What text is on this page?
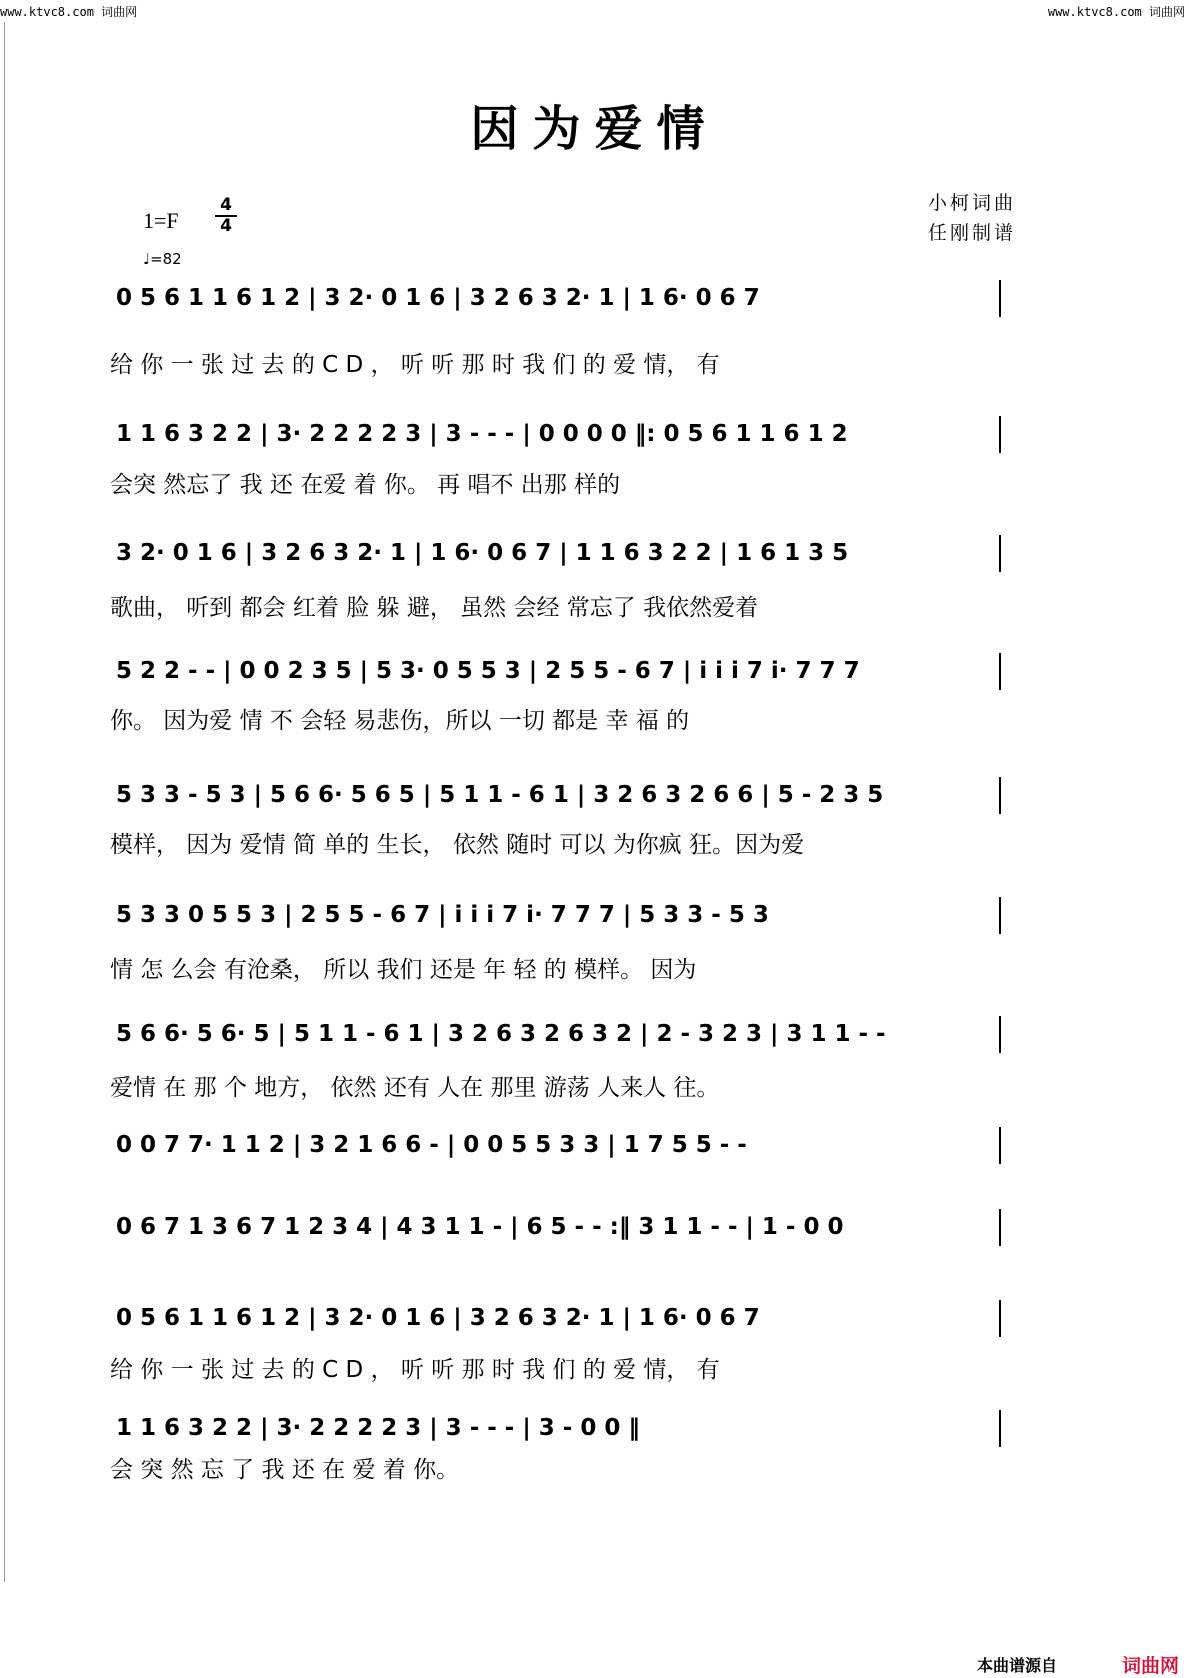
www.ktvc8.com 词曲网	www.ktvc8.com 词曲网
因为爱情
1=F
4
4
♩=82
小柯词曲
任刚制谱
0 5 6 1 1 6 1 2 | 3 2· 0 1 6 | 3 2 6 3 2· 1 | 1 6· 0 6 7
给 你 一 张 过 去 的 C D ， 听 听 那 时 我 们 的 爱 情， 有
1 1 6 3 2 2 | 3· 2 2 2 2 3 | 3 - - - | 0 0 0 0 ‖: 0 5 6 1 1 6 1 2
会突 然忘了 我 还 在爱 着 你。 再 唱不 出那 样的
3 2· 0 1 6 | 3 2 6 3 2· 1 | 1 6· 0 6 7 | 1 1 6 3 2 2 | 1 6 1 3 5
歌曲， 听到 都会 红着 脸 躲 避， 虽然 会经 常忘了 我依然爱着
5 2 2 - - | 0 0 2 3 5 | 5 3· 0 5 5 3 | 2 5 5 - 6 7 | i i i 7 i· 7 7 7
你。 因为爱 情 不 会轻 易悲伤，所以 一切 都是 幸 福 的
5 3 3 - 5 3 | 5 6 6· 5 6 5 | 5 1 1 - 6 1 | 3 2 6 3 2 6 6 | 5 - 2 3 5
模样， 因为 爱情 简 单的 生长， 依然 随时 可以 为你疯 狂。因为爱
5 3 3 0 5 5 3 | 2 5 5 - 6 7 | i i i 7 i· 7 7 7 | 5 3 3 - 5 3
情 怎 么会 有沧桑， 所以 我们 还是 年 轻 的 模样。 因为
5 6 6· 5 6· 5 | 5 1 1 - 6 1 | 3 2 6 3 2 6 3 2 | 2 - 3 2 3 | 3 1 1 - -
爱情 在 那 个 地方， 依然 还有 人在 那里 游荡 人来人 往。
0 0 7 7· 1 1 2 | 3 2 1 6 6 - | 0 0 5 5 3 3 | 1 7 5 5 - -
0 6 7 1 3 6 7 1 2 3 4 | 4 3 1 1 - | 6 5 - - :‖ 3 1 1 - - | 1 - 0 0
0 5 6 1 1 6 1 2 | 3 2· 0 1 6 | 3 2 6 3 2· 1 | 1 6· 0 6 7
给 你 一 张 过 去 的 C D ， 听 听 那 时 我 们 的 爱 情， 有
1 1 6 3 2 2 | 3· 2 2 2 2 3 | 3 - - - | 3 - 0 0 ‖
会 突 然 忘 了 我 还 在 爱 着 你。
本曲谱源自	词曲网
